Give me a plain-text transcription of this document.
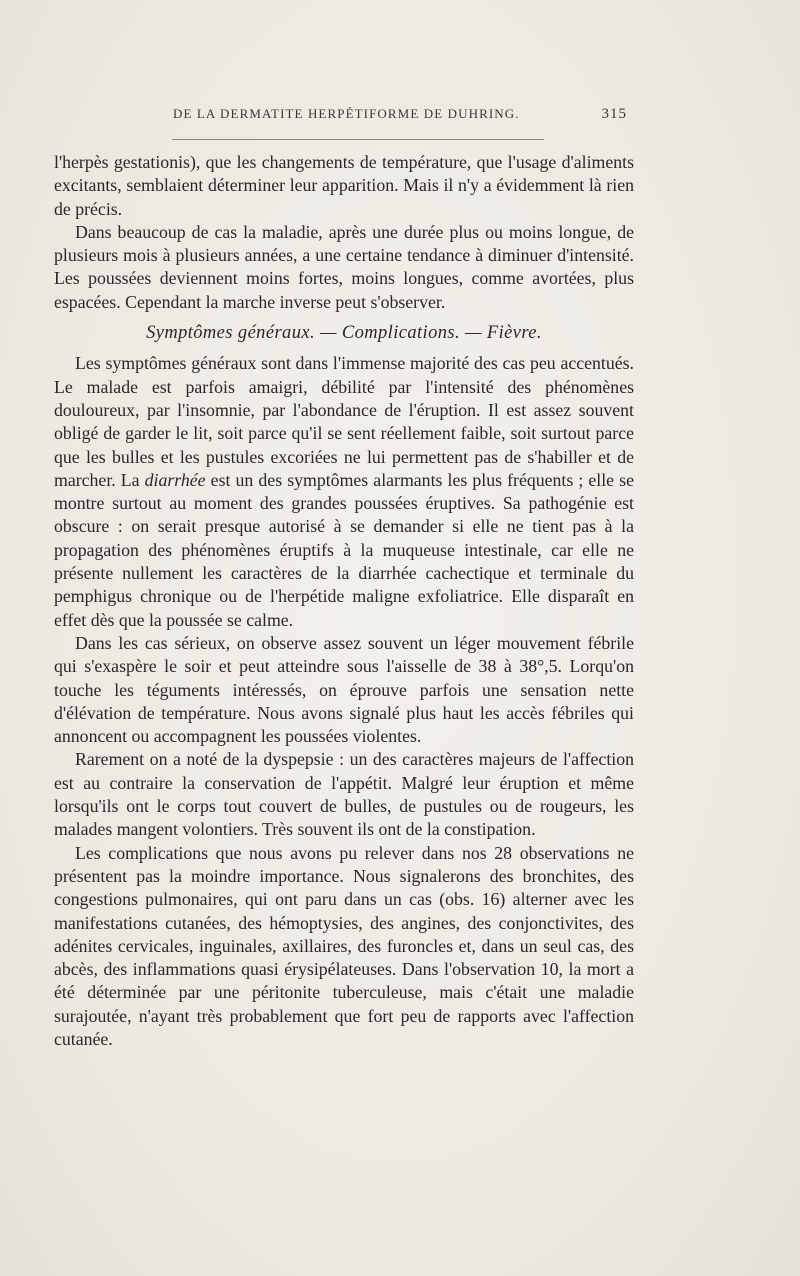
DE LA DERMATITE HERPÉTIFORME DE DUHRING.	315

l'herpès gestationis), que les changements de température, que l'usage d'aliments excitants, semblaient déterminer leur apparition. Mais il n'y a évidemment là rien de précis.

Dans beaucoup de cas la maladie, après une durée plus ou moins longue, de plusieurs mois à plusieurs années, a une certaine tendance à diminuer d'intensité. Les poussées deviennent moins fortes, moins longues, comme avortées, plus espacées. Cependant la marche inverse peut s'observer.

Symptômes généraux. — Complications. — Fièvre.

Les symptômes généraux sont dans l'immense majorité des cas peu accentués. Le malade est parfois amaigri, débilité par l'intensité des phénomènes douloureux, par l'insomnie, par l'abondance de l'éruption. Il est assez souvent obligé de garder le lit, soit parce qu'il se sent réellement faible, soit surtout parce que les bulles et les pustules excoriées ne lui permettent pas de s'habiller et de marcher. La diarrhée est un des symptômes alarmants les plus fréquents ; elle se montre surtout au moment des grandes poussées éruptives. Sa pathogénie est obscure : on serait presque autorisé à se demander si elle ne tient pas à la propagation des phénomènes éruptifs à la muqueuse intestinale, car elle ne présente nullement les caractères de la diarrhée cachectique et terminale du pemphigus chronique ou de l'herpétide maligne exfoliatrice. Elle disparaît en effet dès que la poussée se calme.

Dans les cas sérieux, on observe assez souvent un léger mouvement fébrile qui s'exaspère le soir et peut atteindre sous l'aisselle de 38 à 38°,5. Lorqu'on touche les téguments intéressés, on éprouve parfois une sensation nette d'élévation de température. Nous avons signalé plus haut les accès fébriles qui annoncent ou accompagnent les poussées violentes.

Rarement on a noté de la dyspepsie : un des caractères majeurs de l'affection est au contraire la conservation de l'appétit. Malgré leur éruption et même lorsqu'ils ont le corps tout couvert de bulles, de pustules ou de rougeurs, les malades mangent volontiers. Très souvent ils ont de la constipation.

Les complications que nous avons pu relever dans nos 28 observations ne présentent pas la moindre importance. Nous signalerons des bronchites, des congestions pulmonaires, qui ont paru dans un cas (obs. 16) alterner avec les manifestations cutanées, des hémoptysies, des angines, des conjonctivites, des adénites cervicales, inguinales, axillaires, des furoncles et, dans un seul cas, des abcès, des inflammations quasi érysipélateuses. Dans l'observation 10, la mort a été déterminée par une péritonite tuberculeuse, mais c'était une maladie surajoutée, n'ayant très probablement que fort peu de rapports avec l'affection cutanée.
